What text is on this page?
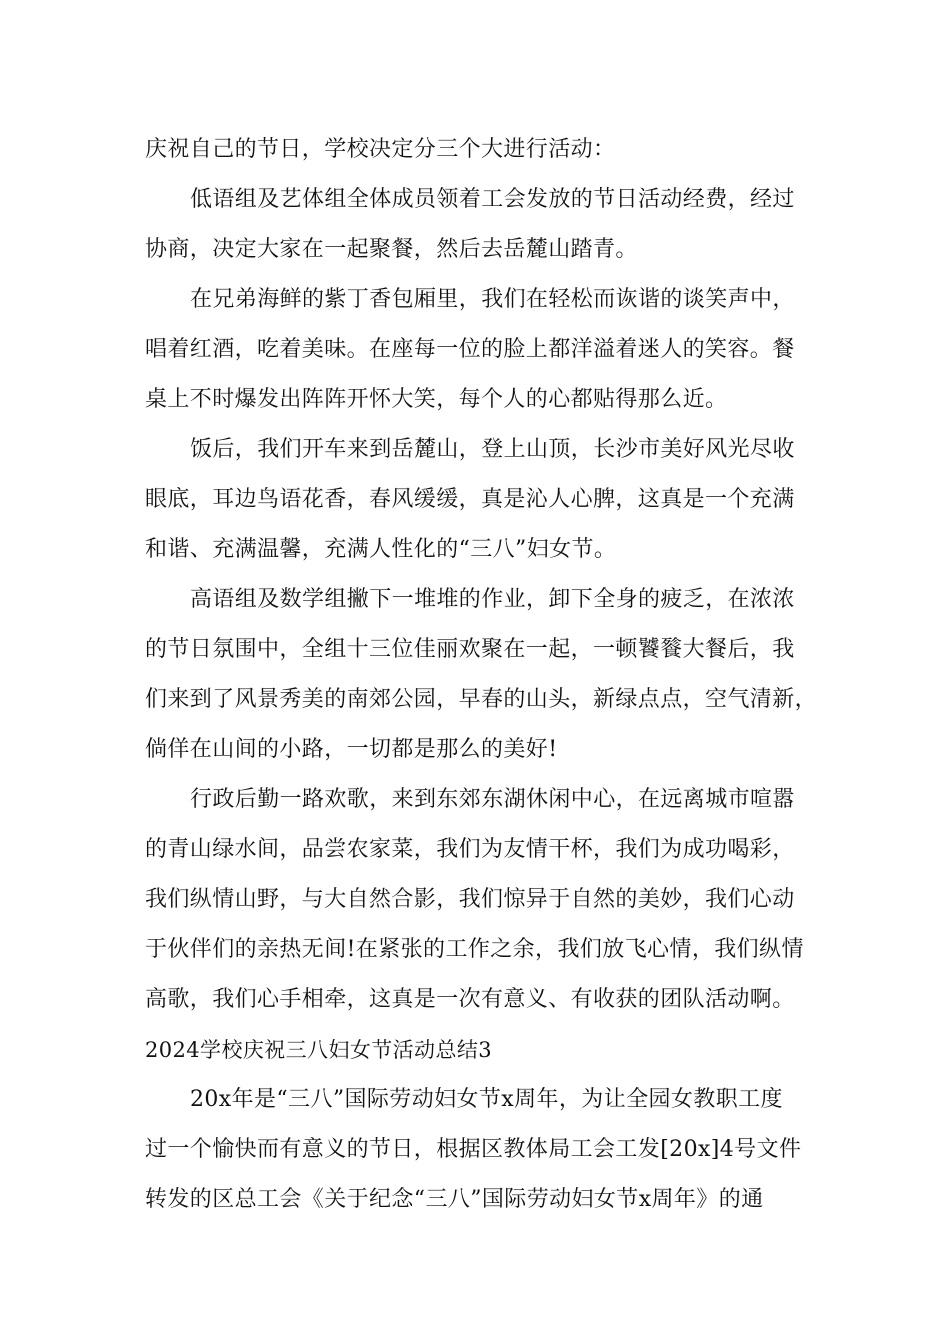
庆祝自己的节日，学校决定分三个大进行活动：
低语组及艺体组全体成员领着工会发放的节日活动经费，经过
协商，决定大家在一起聚餐，然后去岳麓山踏青。
在兄弟海鲜的紫丁香包厢里，我们在轻松而诙谐的谈笑声中，
唱着红酒，吃着美味。在座每一位的脸上都洋溢着迷人的笑容。餐
桌上不时爆发出阵阵开怀大笑，每个人的心都贴得那么近。
饭后，我们开车来到岳麓山，登上山顶，长沙市美好风光尽收
眼底，耳边鸟语花香，春风缓缓，真是沁人心脾，这真是一个充满
和谐、充满温馨，充满人性化的“三八”妇女节。
高语组及数学组撇下一堆堆的作业，卸下全身的疲乏，在浓浓
的节日氛围中，全组十三位佳丽欢聚在一起，一顿饕餮大餐后，我
们来到了风景秀美的南郊公园，早春的山头，新绿点点，空气清新，
倘佯在山间的小路，一切都是那么的美好!
行政后勤一路欢歌，来到东郊东湖休闲中心，在远离城市喧嚣
的青山绿水间，品尝农家菜，我们为友情干杯，我们为成功喝彩，
我们纵情山野，与大自然合影，我们惊异于自然的美妙，我们心动
于伙伴们的亲热无间!在紧张的工作之余，我们放飞心情，我们纵情
高歌，我们心手相牵，这真是一次有意义、有收获的团队活动啊。
2024学校庆祝三八妇女节活动总结3
20x年是“三八”国际劳动妇女节x周年，为让全园女教职工度
过一个愉快而有意义的节日，根据区教体局工会工发[20x]4号文件
转发的区总工会《关于纪念“三八”国际劳动妇女节x周年》的通
